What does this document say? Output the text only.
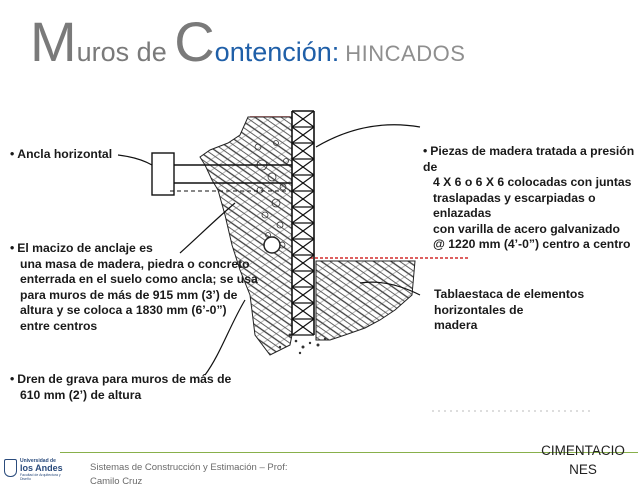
Muros de Contención: HINCADOS
• Ancla horizontal
• El macizo de anclaje es
una masa de madera, piedra o concreto
enterrada en el suelo como ancla; se usa
para muros de más de 915 mm (3’) de
altura y se coloca a 1830 mm (6’-0”)
entre centros
• Dren de grava para muros de más de
610 mm (2’) de altura
• Piezas de madera tratada a presión de
4 X 6 o 6 X 6 colocadas con juntas
traslapadas y escarpiadas o enlazadas
con varilla de acero galvanizado
@ 1220 mm (4’-0”) centro a centro
Tablaestaca de elementos horizontales de
madera
Universidad de
los Andes
Facultad de Arquitectura y Diseño
Sistemas de Construcción y Estimación – Prof:
Camilo Cruz
CIMENTACIONES
